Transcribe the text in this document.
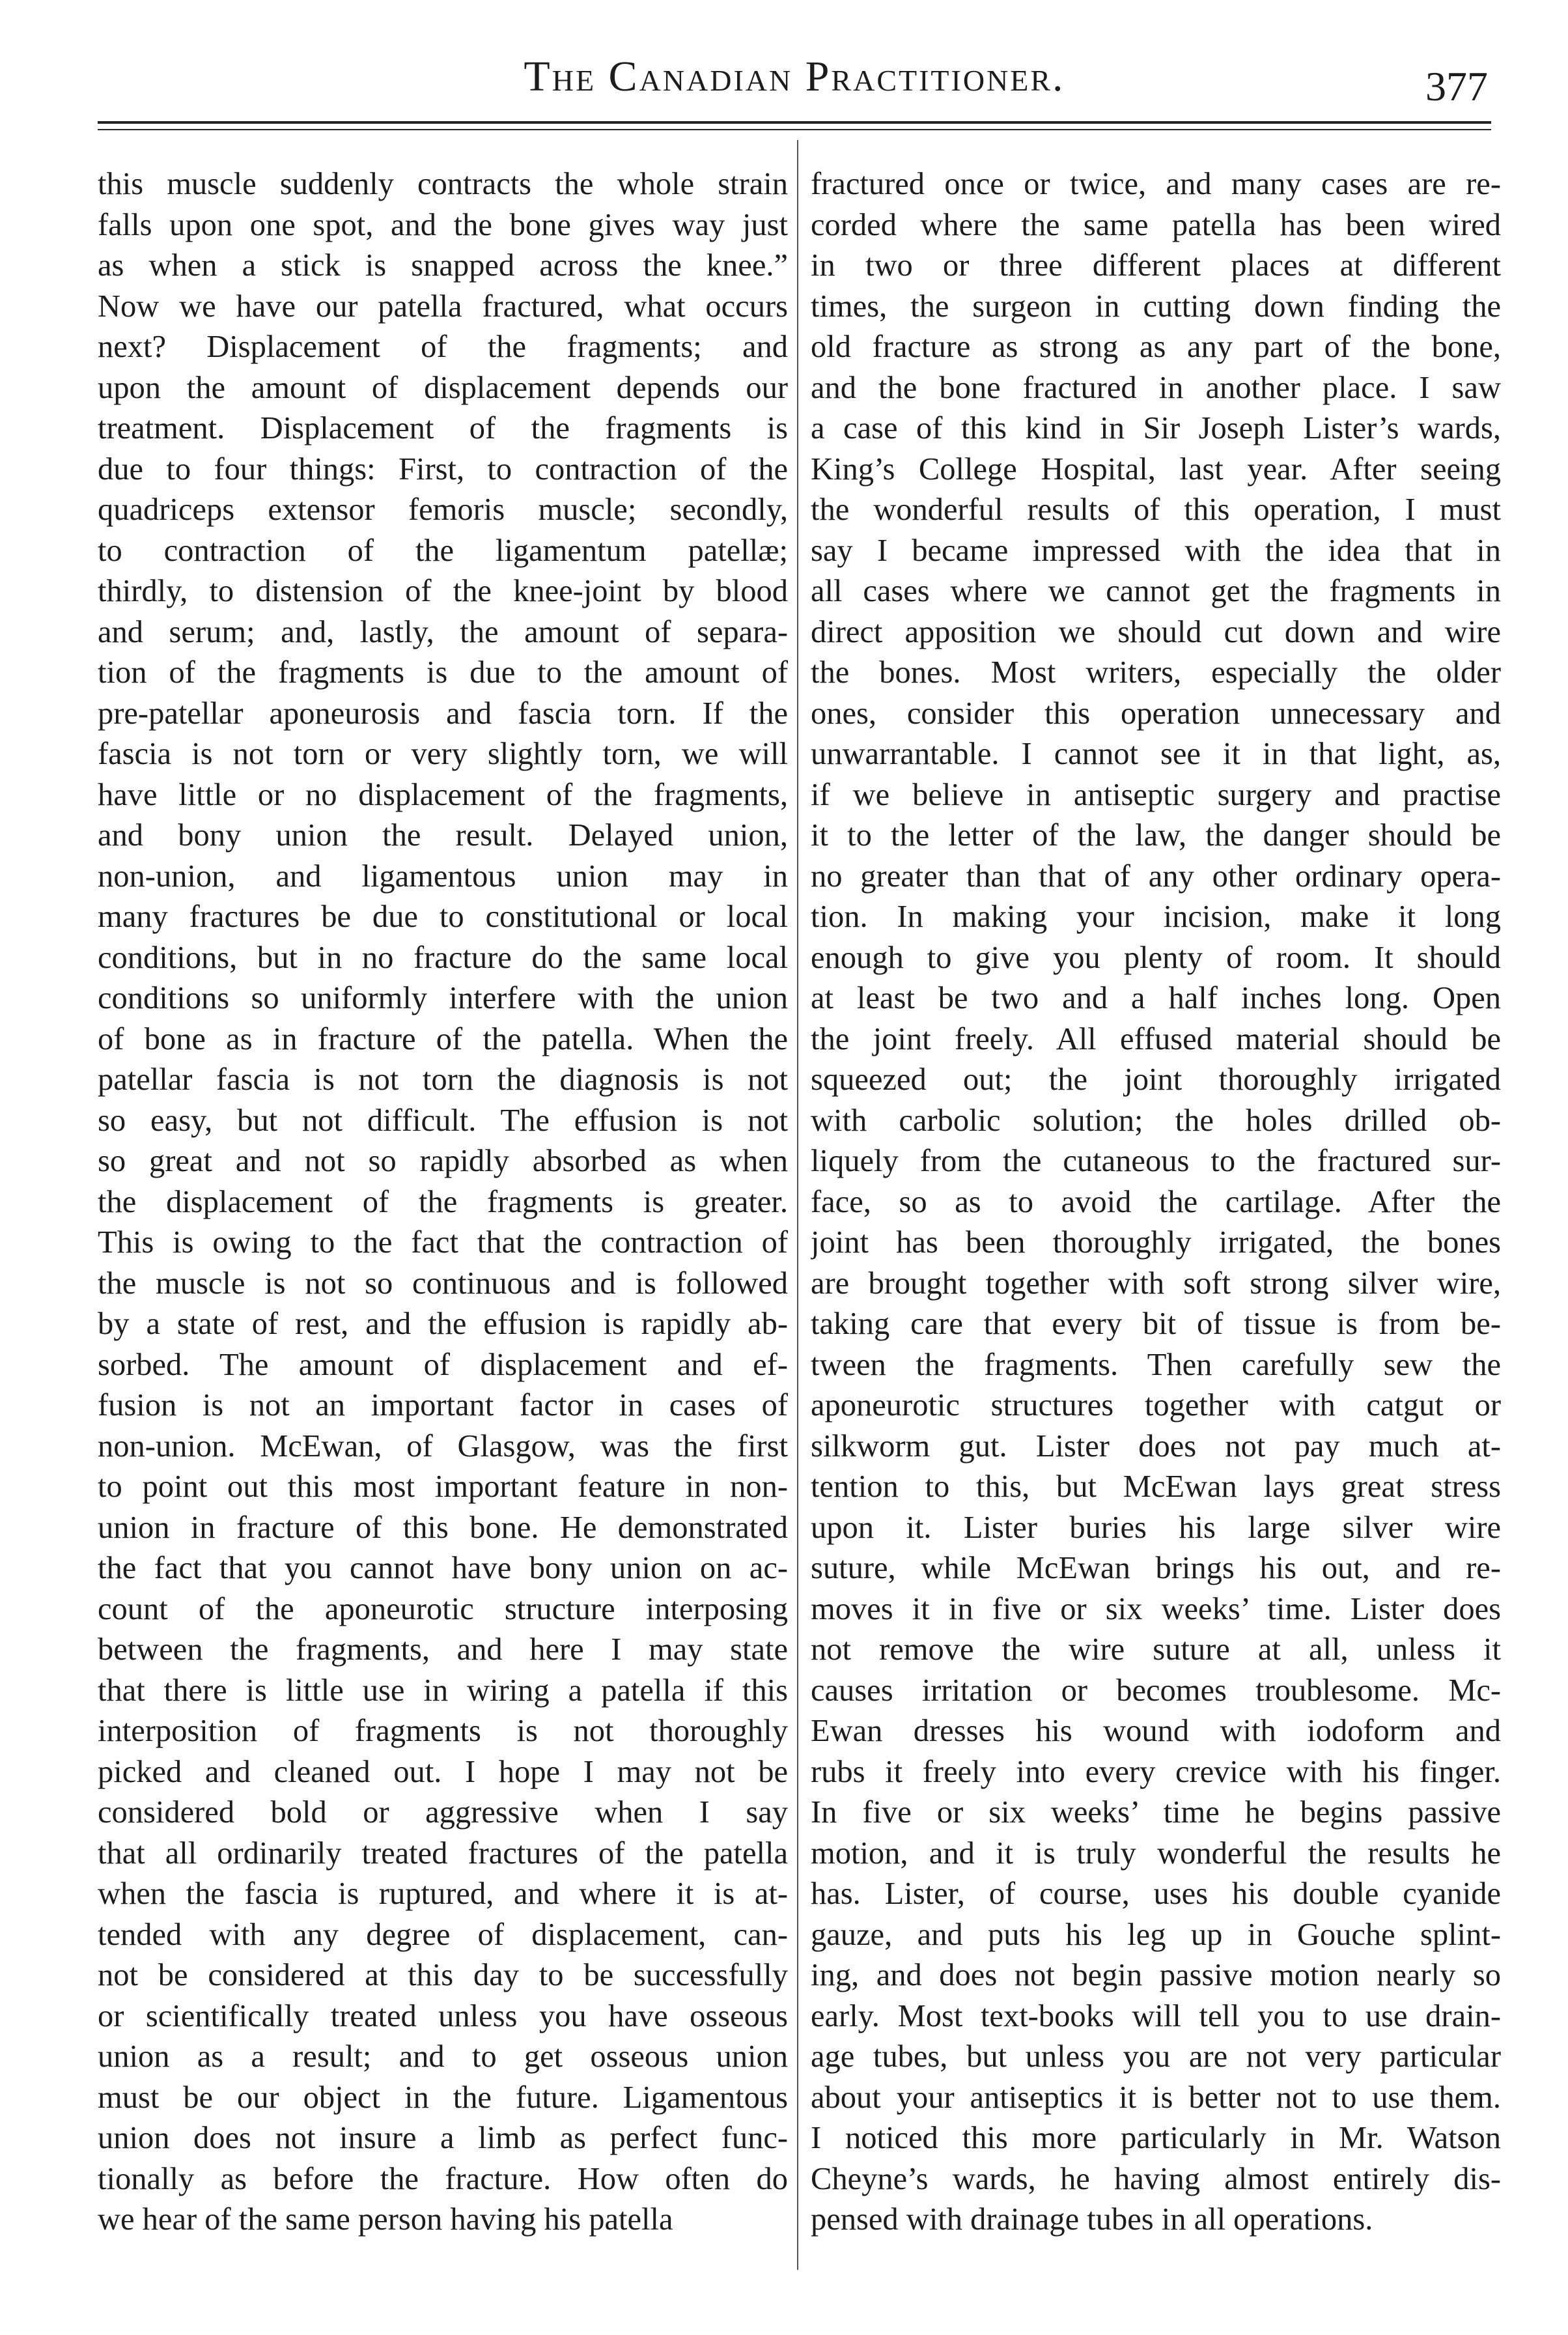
The Canadian Practitioner.	377
this muscle suddenly contracts the whole strain
falls upon one spot, and the bone gives way just
as when a stick is snapped across the knee.”
Now we have our patella fractured, what occurs
next? Displacement of the fragments; and
upon the amount of displacement depends our
treatment. Displacement of the fragments is
due to four things: First, to contraction of the
quadriceps extensor femoris muscle; secondly,
to contraction of the ligamentum patellæ;
thirdly, to distension of the knee-joint by blood
and serum; and, lastly, the amount of separa-
tion of the fragments is due to the amount of
pre-patellar aponeurosis and fascia torn. If the
fascia is not torn or very slightly torn, we will
have little or no displacement of the fragments,
and bony union the result. Delayed union,
non-union, and ligamentous union may in
many fractures be due to constitutional or local
conditions, but in no fracture do the same local
conditions so uniformly interfere with the union
of bone as in fracture of the patella. When the
patellar fascia is not torn the diagnosis is not
so easy, but not difficult. The effusion is not
so great and not so rapidly absorbed as when
the displacement of the fragments is greater.
This is owing to the fact that the contraction of
the muscle is not so continuous and is followed
by a state of rest, and the effusion is rapidly ab-
sorbed. The amount of displacement and ef-
fusion is not an important factor in cases of
non-union. McEwan, of Glasgow, was the first
to point out this most important feature in non-
union in fracture of this bone. He demonstrated
the fact that you cannot have bony union on ac-
count of the aponeurotic structure interposing
between the fragments, and here I may state
that there is little use in wiring a patella if this
interposition of fragments is not thoroughly
picked and cleaned out. I hope I may not be
considered bold or aggressive when I say
that all ordinarily treated fractures of the patella
when the fascia is ruptured, and where it is at-
tended with any degree of displacement, can-
not be considered at this day to be successfully
or scientifically treated unless you have osseous
union as a result; and to get osseous union
must be our object in the future. Ligamentous
union does not insure a limb as perfect func-
tionally as before the fracture. How often do
we hear of the same person having his patella
fractured once or twice, and many cases are re-
corded where the same patella has been wired
in two or three different places at different
times, the surgeon in cutting down finding the
old fracture as strong as any part of the bone,
and the bone fractured in another place. I saw
a case of this kind in Sir Joseph Lister’s wards,
King’s College Hospital, last year. After seeing
the wonderful results of this operation, I must
say I became impressed with the idea that in
all cases where we cannot get the fragments in
direct apposition we should cut down and wire
the bones. Most writers, especially the older
ones, consider this operation unnecessary and
unwarrantable. I cannot see it in that light, as,
if we believe in antiseptic surgery and practise
it to the letter of the law, the danger should be
no greater than that of any other ordinary opera-
tion. In making your incision, make it long
enough to give you plenty of room. It should
at least be two and a half inches long. Open
the joint freely. All effused material should be
squeezed out; the joint thoroughly irrigated
with carbolic solution; the holes drilled ob-
liquely from the cutaneous to the fractured sur-
face, so as to avoid the cartilage. After the
joint has been thoroughly irrigated, the bones
are brought together with soft strong silver wire,
taking care that every bit of tissue is from be-
tween the fragments. Then carefully sew the
aponeurotic structures together with catgut or
silkworm gut. Lister does not pay much at-
tention to this, but McEwan lays great stress
upon it. Lister buries his large silver wire
suture, while McEwan brings his out, and re-
moves it in five or six weeks’ time. Lister does
not remove the wire suture at all, unless it
causes irritation or becomes troublesome. Mc-
Ewan dresses his wound with iodoform and
rubs it freely into every crevice with his finger.
In five or six weeks’ time he begins passive
motion, and it is truly wonderful the results he
has. Lister, of course, uses his double cyanide
gauze, and puts his leg up in Gouche splint-
ing, and does not begin passive motion nearly so
early. Most text-books will tell you to use drain-
age tubes, but unless you are not very particular
about your antiseptics it is better not to use them.
I noticed this more particularly in Mr. Watson
Cheyne’s wards, he having almost entirely dis-
pensed with drainage tubes in all operations.
